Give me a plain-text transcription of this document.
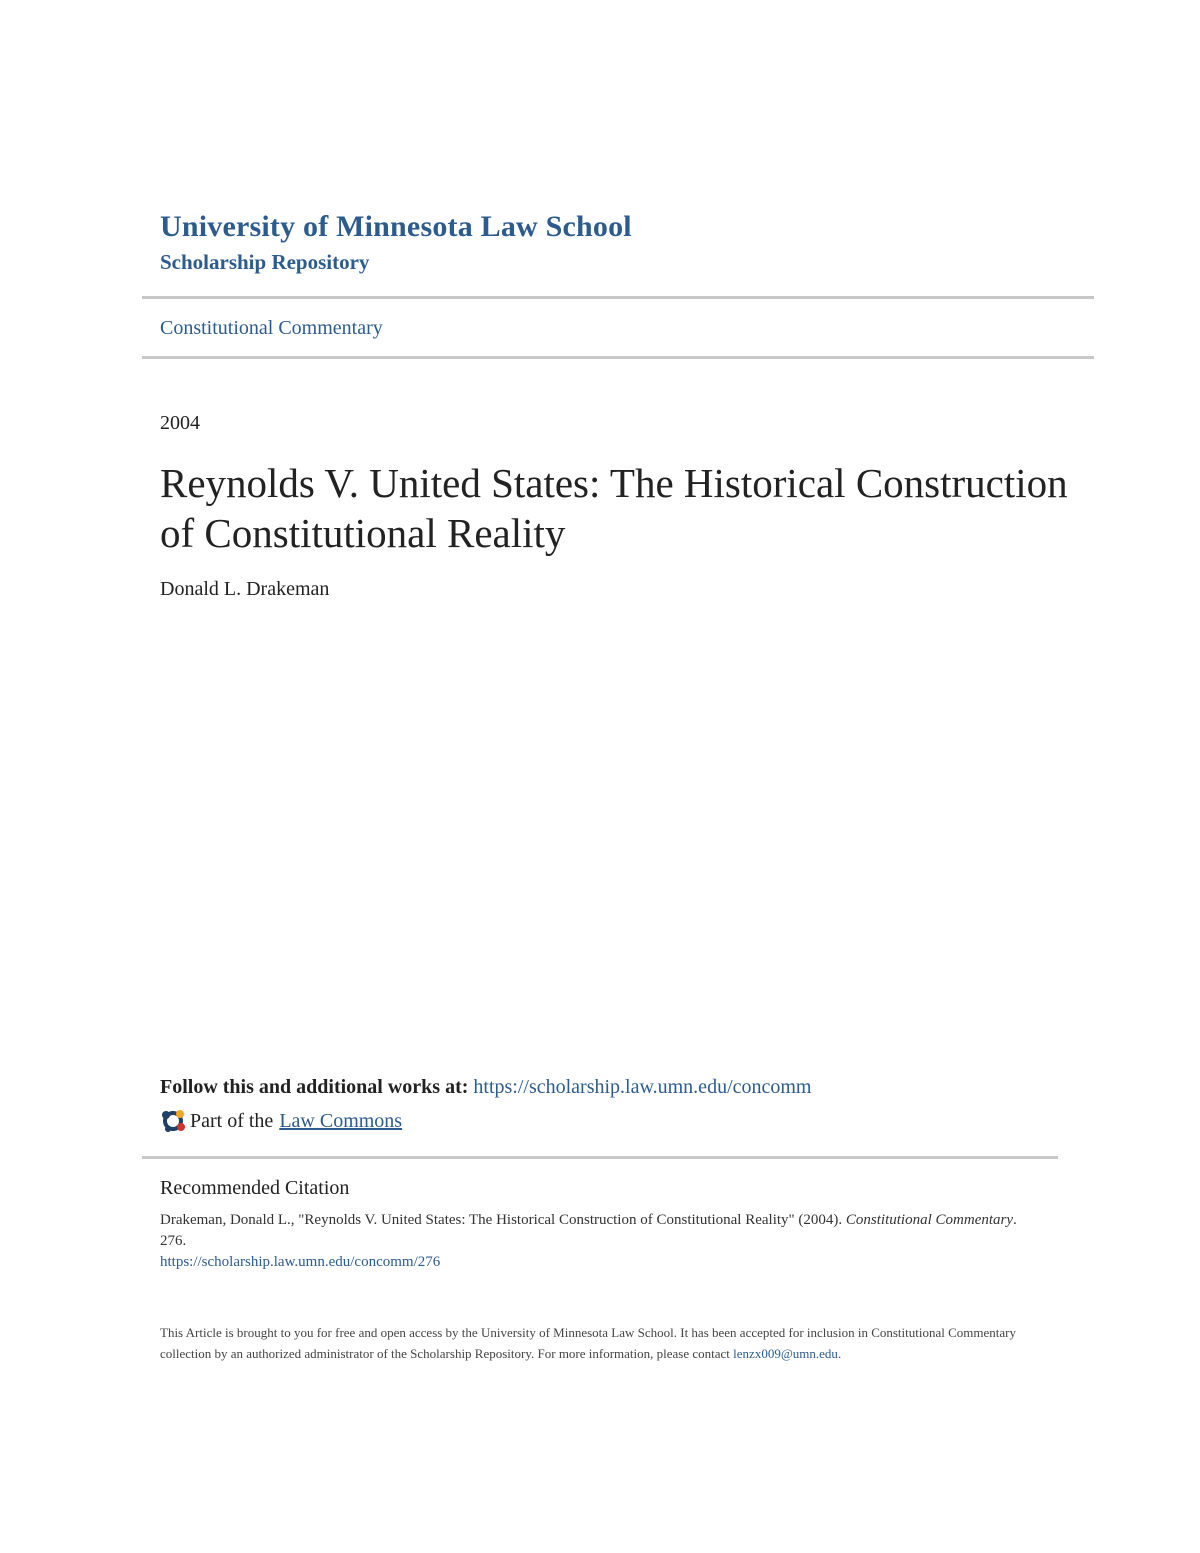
University of Minnesota Law School
Scholarship Repository
Constitutional Commentary
2004
Reynolds V. United States: The Historical Construction of Constitutional Reality
Donald L. Drakeman
Follow this and additional works at: https://scholarship.law.umn.edu/concomm
Part of the Law Commons
Recommended Citation
Drakeman, Donald L., "Reynolds V. United States: The Historical Construction of Constitutional Reality" (2004). Constitutional Commentary. 276.
https://scholarship.law.umn.edu/concomm/276
This Article is brought to you for free and open access by the University of Minnesota Law School. It has been accepted for inclusion in Constitutional Commentary collection by an authorized administrator of the Scholarship Repository. For more information, please contact lenzx009@umn.edu.
